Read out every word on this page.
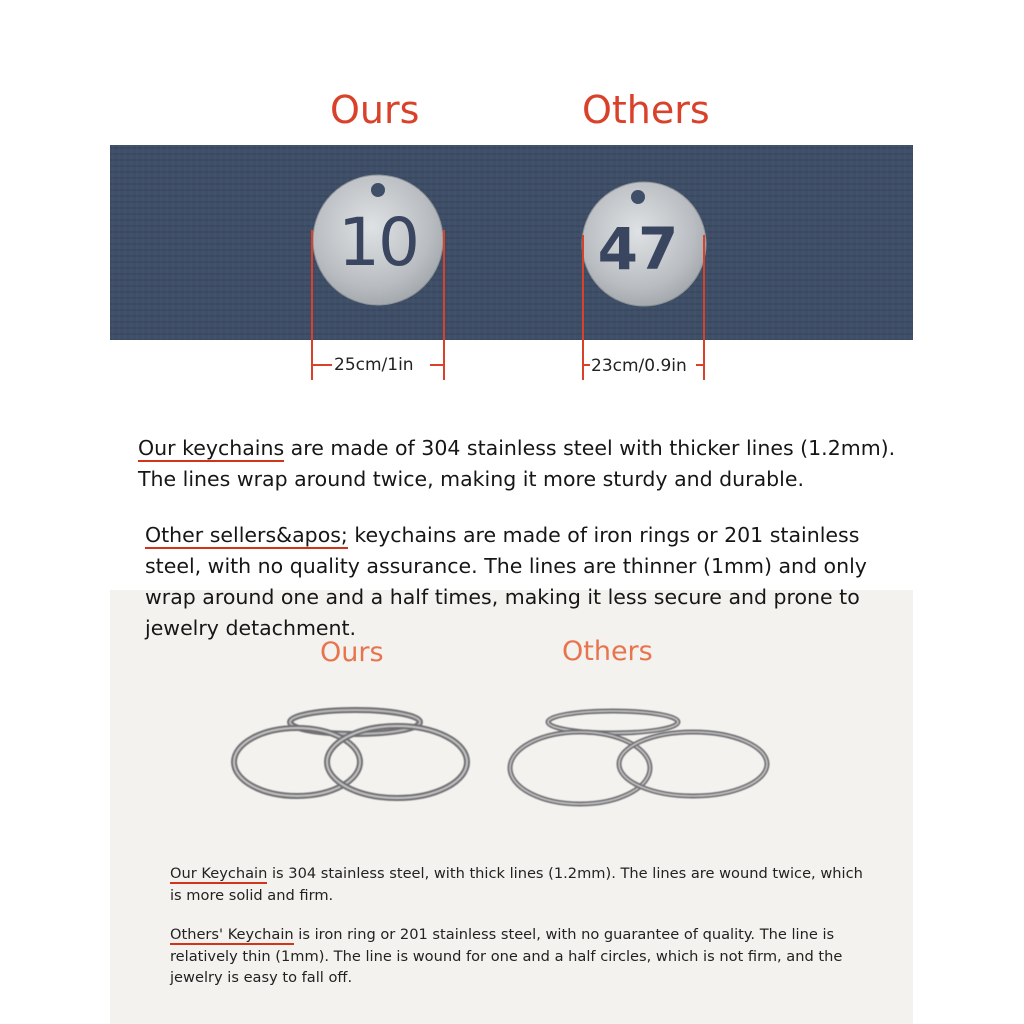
Ours	Others
10	47
25cm/1in	23cm/0.9in
Our keychains are made of 304 stainless steel with thicker lines (1.2mm).
The lines wrap around twice, making it more sturdy and durable.
Other sellers&apos; keychains are made of iron rings or 201 stainless
steel, with no quality assurance. The lines are thinner (1mm) and only
wrap around one and a half times, making it less secure and prone to
jewelry detachment.
Ours	Others
Our Keychain is 304 stainless steel, with thick lines (1.2mm). The lines are wound twice, which
is more solid and firm.
Others' Keychain is iron ring or 201 stainless steel, with no guarantee of quality. The line is
relatively thin (1mm). The line is wound for one and a half circles, which is not firm, and the
jewelry is easy to fall off.
